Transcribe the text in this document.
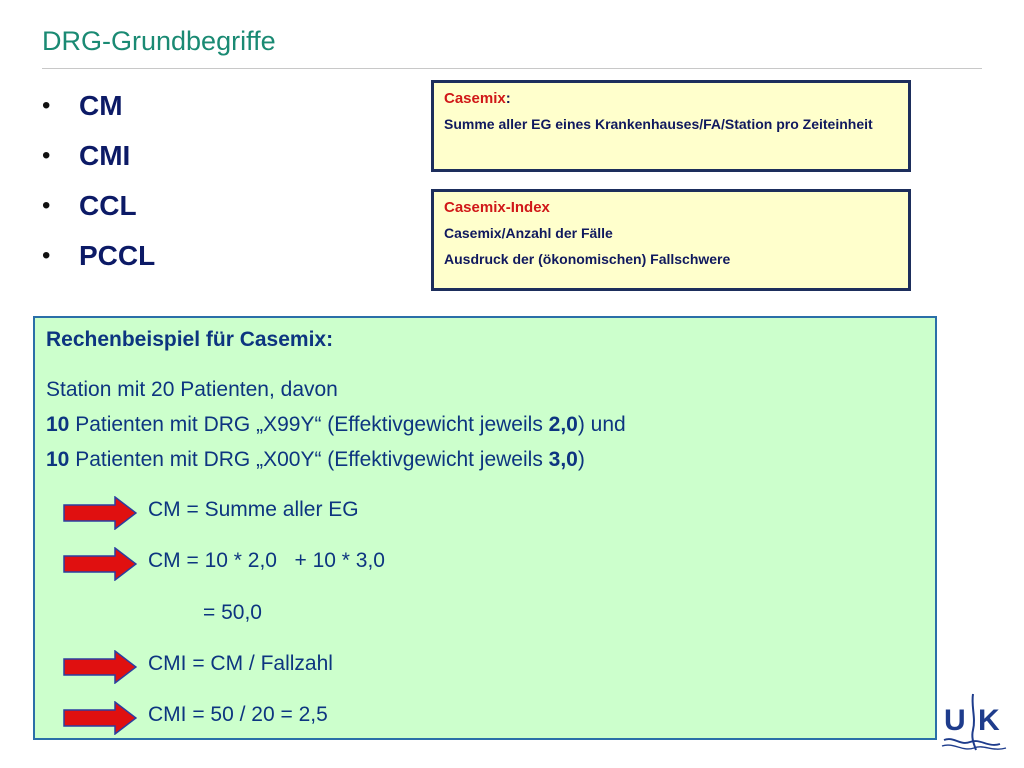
DRG-Grundbegriffe
• CM
• CMI
• CCL
• PCCL
Casemix:
Summe aller EG eines Krankenhauses/FA/Station pro Zeiteinheit
Casemix-Index
Casemix/Anzahl der Fälle
Ausdruck der (ökonomischen) Fallschwere
Rechenbeispiel für Casemix:
Station mit 20 Patienten, davon
10 Patienten mit DRG „X99Y“ (Effektivgewicht jeweils 2,0) und
10 Patienten mit DRG „X00Y“ (Effektivgewicht jeweils 3,0)
CM = Summe aller EG
CM = 10 * 2,0   + 10 * 3,0
= 50,0
CMI = CM / Fallzahl
CMI = 50 / 20 = 2,5	U K
